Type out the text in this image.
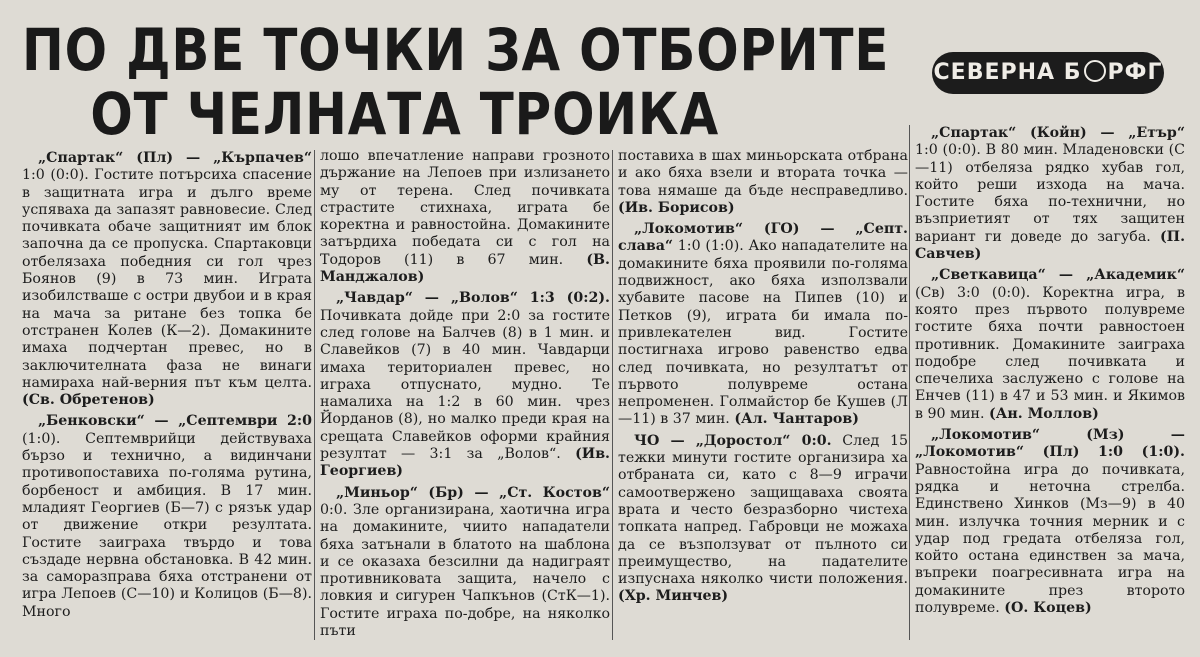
ПО ДВЕ ТОЧКИ ЗА ОТБОРИТЕ
ОТ ЧЕЛНАТА ТРОИКА
СЕВЕРНА Б РФГ

„Спартак“ (Пл) — „Кърпачев“ 1:0 (0:0). Гостите потърсиха спасение в защитната игра и дълго време успяваха да запазят равновесие. След почивката обаче защитният им блок започна да се пропуска. Спартаковци отбелязаха победния си гол чрез Боянов (9) в 73 мин. Играта изобилстваше с остри двубои и в края на мача за ритане без топка бе отстранен Колев (К—2). Домакините имаха подчертан превес, но в заключителната фаза не винаги намираха най-верния път към целта. (Св. Обретенов)

„Бенковски“ — „Септември 2:0 (1:0). Септемврийци действуваха бързо и технично, а видинчани противопоставиха по-голяма рутина, борбеност и амбиция. В 17 мин. младият Георгиев (Б—7) с рязък удар от движение откри резултата. Гостите заиграха твърдо и това създаде нервна обстановка. В 42 мин. за саморазправа бяха отстранени от игра Лепоев (С—10) и Колицов (Б—8). Много

лошо впечатление направи грозното държание на Лепоев при излизането му от терена. След почивката страстите стихнаха, играта бе коректна и равностойна. Домакините затърдиха победата си с гол на Тодоров (11) в 67 мин. (В. Манджалов)

„Чавдар“ — „Волов“ 1:3 (0:2). Почивката дойде при 2:0 за гостите след голове на Балчев (8) в 1 мин. и Славейков (7) в 40 мин. Чавдарци имаха териториален превес, но играха отпуснато, мудно. Те намалиха на 1:2 в 60 мин. чрез Йорданов (8), но малко преди края на срещата Славейков оформи крайния резултат — 3:1 за „Волов“. (Ив. Георгиев)

„Миньор“ (Бр) — „Ст. Костов“ 0:0. Зле организирана, хаотична игра на домакините, чиито нападатели бяха затънали в блатото на шаблона и се оказаха безсилни да надиграят противниковата защита, начело с ловкия и сигурен Чапкънов (СтК—1). Гостите играха по-добре, на няколко пъти

поставиха в шах миньорската отбрана и ако бяха взели и втората точка — това нямаше да бъде несправедливо. (Ив. Борисов)

„Локомотив“ (ГО) — „Септ. слава“ 1:0 (1:0). Ако нападателите на домакините бяха проявили по-голяма подвижност, ако бяха използвали хубавите пасове на Пипев (10) и Петков (9), играта би имала по-привлекателен вид. Гостите постигнаха игрово равенство едва след почивката, но резултатът от първото полувреме остана непроменен. Голмайстор бе Кушев (Л—11) в 37 мин. (Ал. Чантаров)

ЧО — „Доростол“ 0:0. След 15 тежки минути гостите организира ха отбраната си, като с 8—9 играчи самоотвержено защищаваха своята врата и често безразборно чистеха топката напред. Габровци не можаха да се възползуват от пълното си преимущество, на падателите изпуснаха няколко чисти положения. (Хр. Минчев)

„Спартак“ (Койн) — „Етър“ 1:0 (0:0). В 80 мин. Младеновски (С—11) отбеляза рядко хубав гол, който реши изхода на мача. Гостите бяха по-технични, но възприетият от тях защитен вариант ги доведе до загуба. (П. Савчев)

„Светкавица“ — „Академик“ (Св) 3:0 (0:0). Коректна игра, в която през първото полувреме гостите бяха почти равностоен противник. Домакините заиграха подобре след почивката и спечелиха заслужено с голове на Енчев (11) в 47 и 53 мин. и Якимов в 90 мин. (Ан. Моллов)

„Локомотив“ (Мз) — „Локомотив“ (Пл) 1:0 (1:0). Равностойна игра до почивката, рядка и неточна стрелба. Единствено Хинков (Мз—9) в 40 мин. излучка точния мерник и с удар под гредата отбеляза гол, който остана единствен за мача, въпреки поагресивната игра на домакините през второто полувреме. (О. Коцев)
